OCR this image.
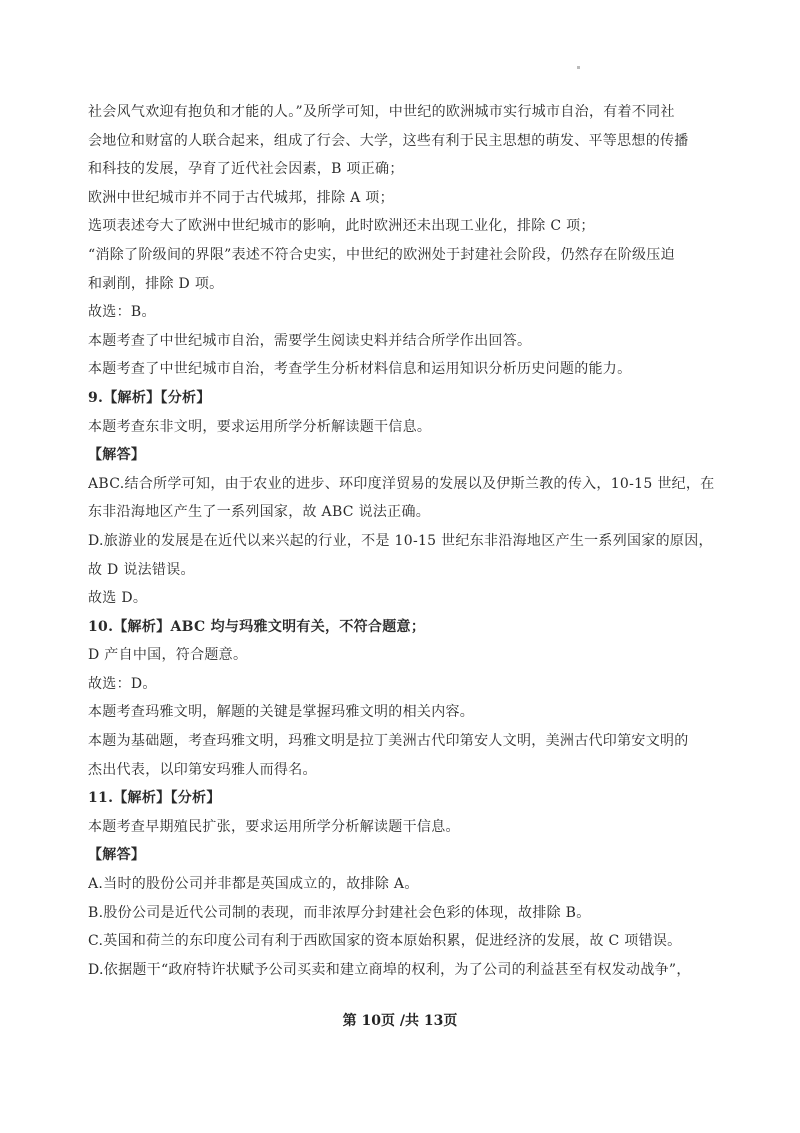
社会风气欢迎有抱负和才能的人。”及所学可知，中世纪的欧洲城市实行城市自治，有着不同社
会地位和财富的人联合起来，组成了行会、大学，这些有利于民主思想的萌发、平等思想的传播
和科技的发展，孕育了近代社会因素，B 项正确；
欧洲中世纪城市并不同于古代城邦，排除 A 项；
选项表述夸大了欧洲中世纪城市的影响，此时欧洲还未出现工业化，排除 C 项；
“消除了阶级间的界限”表述不符合史实，中世纪的欧洲处于封建社会阶段，仍然存在阶级压迫
和剥削，排除 D 项。
故选：B。
本题考查了中世纪城市自治，需要学生阅读史料并结合所学作出回答。
本题考查了中世纪城市自治，考查学生分析材料信息和运用知识分析历史问题的能力。
9.【解析】【分析】
本题考查东非文明，要求运用所学分析解读题干信息。
【解答】
ABC.结合所学可知，由于农业的进步、环印度洋贸易的发展以及伊斯兰教的传入，10-15 世纪，在
东非沿海地区产生了一系列国家，故 ABC 说法正确。
D.旅游业的发展是在近代以来兴起的行业，不是 10-15 世纪东非沿海地区产生一系列国家的原因，
故 D 说法错误。
故选 D。
10.【解析】ABC 均与玛雅文明有关，不符合题意；
D 产自中国，符合题意。
故选：D。
本题考查玛雅文明，解题的关键是掌握玛雅文明的相关内容。
本题为基础题，考查玛雅文明，玛雅文明是拉丁美洲古代印第安人文明，美洲古代印第安文明的
杰出代表，以印第安玛雅人而得名。
11.【解析】【分析】
本题考查早期殖民扩张，要求运用所学分析解读题干信息。
【解答】
A.当时的股份公司并非都是英国成立的，故排除 A。
B.股份公司是近代公司制的表现，而非浓厚分封建社会色彩的体现，故排除 B。
C.英国和荷兰的东印度公司有利于西欧国家的资本原始积累，促进经济的发展，故 C 项错误。
D.依据题干“政府特许状赋予公司买卖和建立商埠的权利，为了公司的利益甚至有权发动战争”，
第 10页 /共 13页
